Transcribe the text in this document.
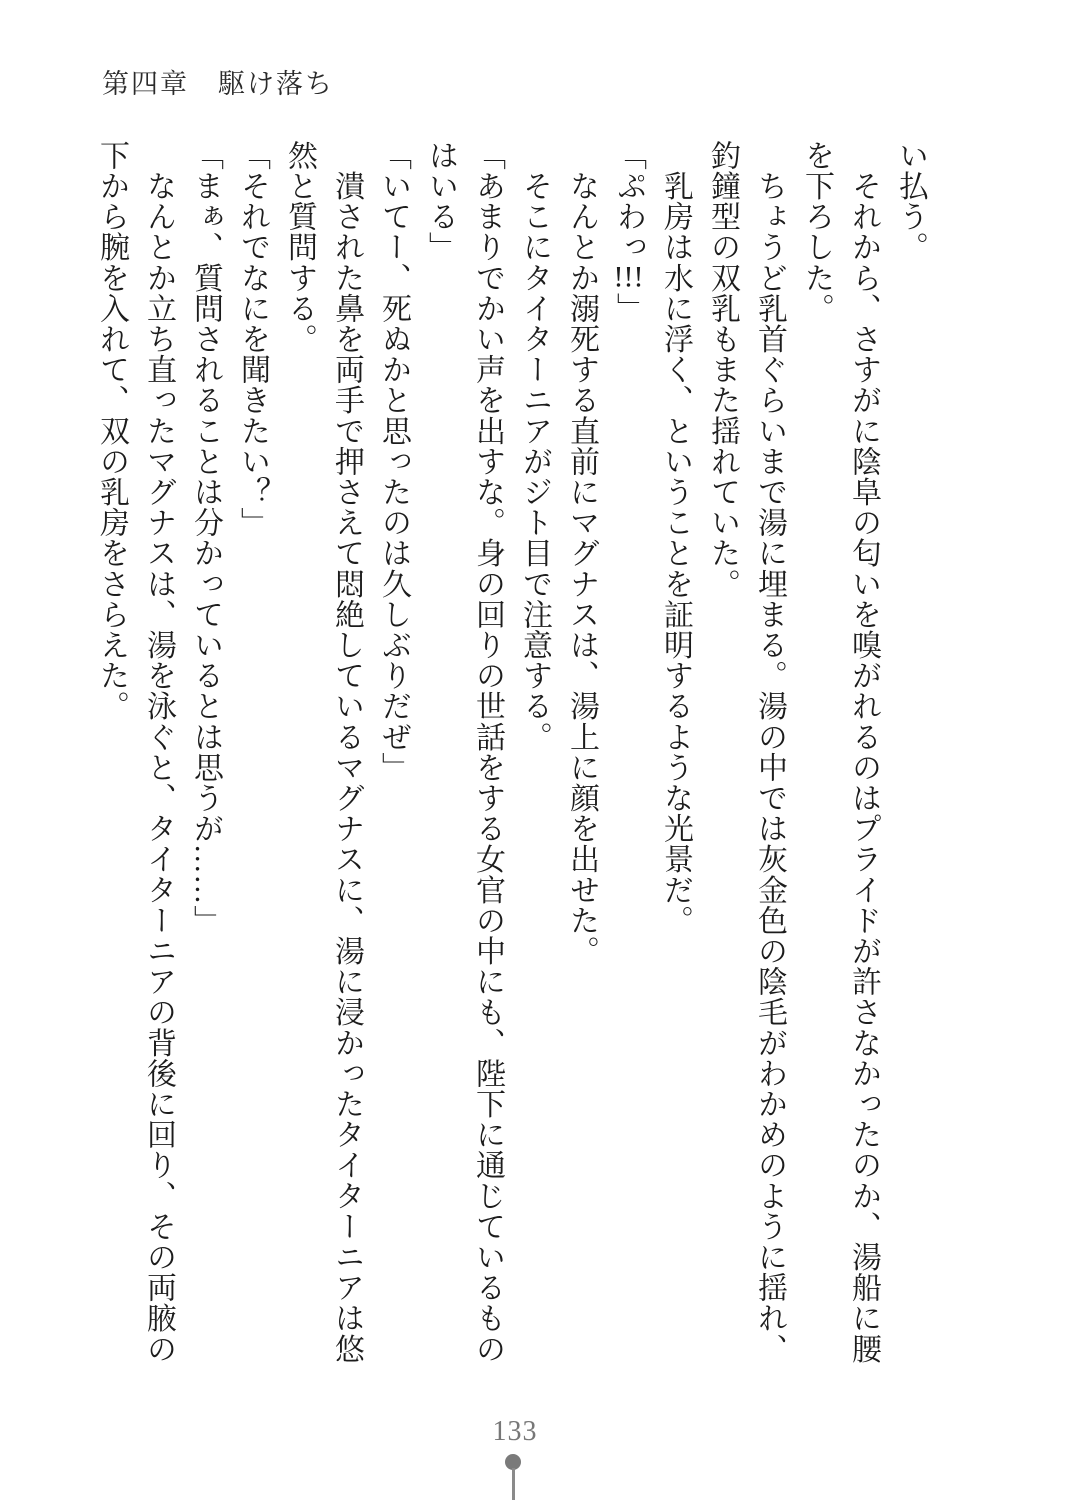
第四章　駆け落ち
い払う。
　それから、さすがに陰阜の匂いを嗅がれるのはプライドが許さなかったのか、湯船に腰
を下ろした。
　ちょうど乳首ぐらいまで湯に埋まる。湯の中では灰金色の陰毛がわかめのように揺れ、
釣鐘型の双乳もまた揺れていた。
　乳房は水に浮く、ということを証明するような光景だ。
「ぷわっ!!!」
　なんとか溺死する直前にマグナスは、湯上に顔を出せた。
　そこにタイターニアがジト目で注意する。
「あまりでかい声を出すな。身の回りの世話をする女官の中にも、陛下に通じているもの
はいる」
「いてー、死ぬかと思ったのは久しぶりだぜ」
　潰された鼻を両手で押さえて悶絶しているマグナスに、湯に浸かったタイターニアは悠
然と質問する。
「それでなにを聞きたい？」
「まぁ、質問されることは分かっているとは思うが……」
　なんとか立ち直ったマグナスは、湯を泳ぐと、タイターニアの背後に回り、その両腋の
下から腕を入れて、双の乳房をさらえた。
133
